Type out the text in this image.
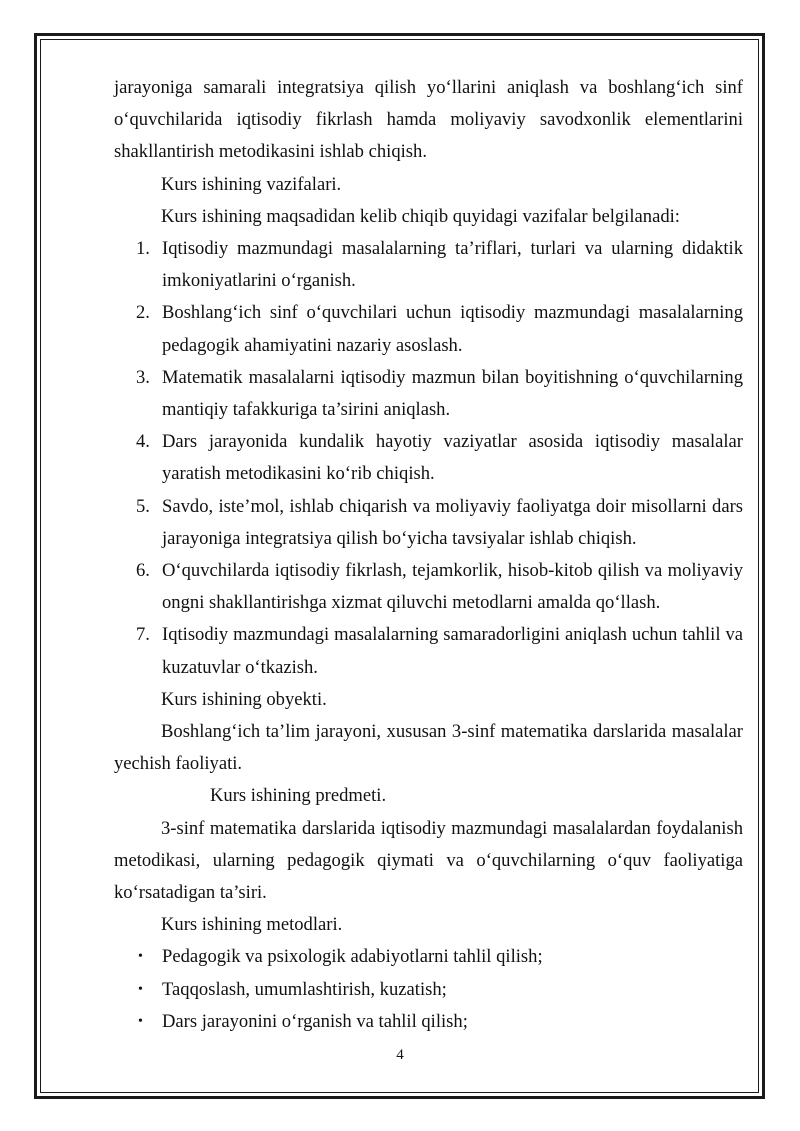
jarayoniga samarali integratsiya qilish yo‘llarini aniqlash va boshlang‘ich sinf o‘quvchilarida iqtisodiy fikrlash hamda moliyaviy savodxonlik elementlarini shakllantirish metodikasini ishlab chiqish.

Kurs ishining vazifalari.

Kurs ishining maqsadidan kelib chiqib quyidagi vazifalar belgilanadi:

1. Iqtisodiy mazmundagi masalalarning ta’riflari, turlari va ularning didaktik imkoniyatlarini o‘rganish.
2. Boshlang‘ich sinf o‘quvchilari uchun iqtisodiy mazmundagi masalalarning pedagogik ahamiyatini nazariy asoslash.
3. Matematik masalalarni iqtisodiy mazmun bilan boyitishning o‘quvchilarning mantiqiy tafakkuriga ta’sirini aniqlash.
4. Dars jarayonida kundalik hayotiy vaziyatlar asosida iqtisodiy masalalar yaratish metodikasini ko‘rib chiqish.
5. Savdo, iste’mol, ishlab chiqarish va moliyaviy faoliyatga doir misollarni dars jarayoniga integratsiya qilish bo‘yicha tavsiyalar ishlab chiqish.
6. O‘quvchilarda iqtisodiy fikrlash, tejamkorlik, hisob-kitob qilish va moliyaviy ongni shakllantirishga xizmat qiluvchi metodlarni amalda qo‘llash.
7. Iqtisodiy mazmundagi masalalarning samaradorligini aniqlash uchun tahlil va kuzatuvlar o‘tkazish.

Kurs ishining obyekti.

Boshlang‘ich ta’lim jarayoni, xususan 3-sinf matematika darslarida masalalar yechish faoliyati.

Kurs ishining predmeti.

3-sinf matematika darslarida iqtisodiy mazmundagi masalalardan foydalanish metodikasi, ularning pedagogik qiymati va o‘quvchilarning o‘quv faoliyatiga ko‘rsatadigan ta’siri.

Kurs ishining metodlari.

• Pedagogik va psixologik adabiyotlarni tahlil qilish;
• Taqqoslash, umumlashtirish, kuzatish;
• Dars jarayonini o‘rganish va tahlil qilish;
4
